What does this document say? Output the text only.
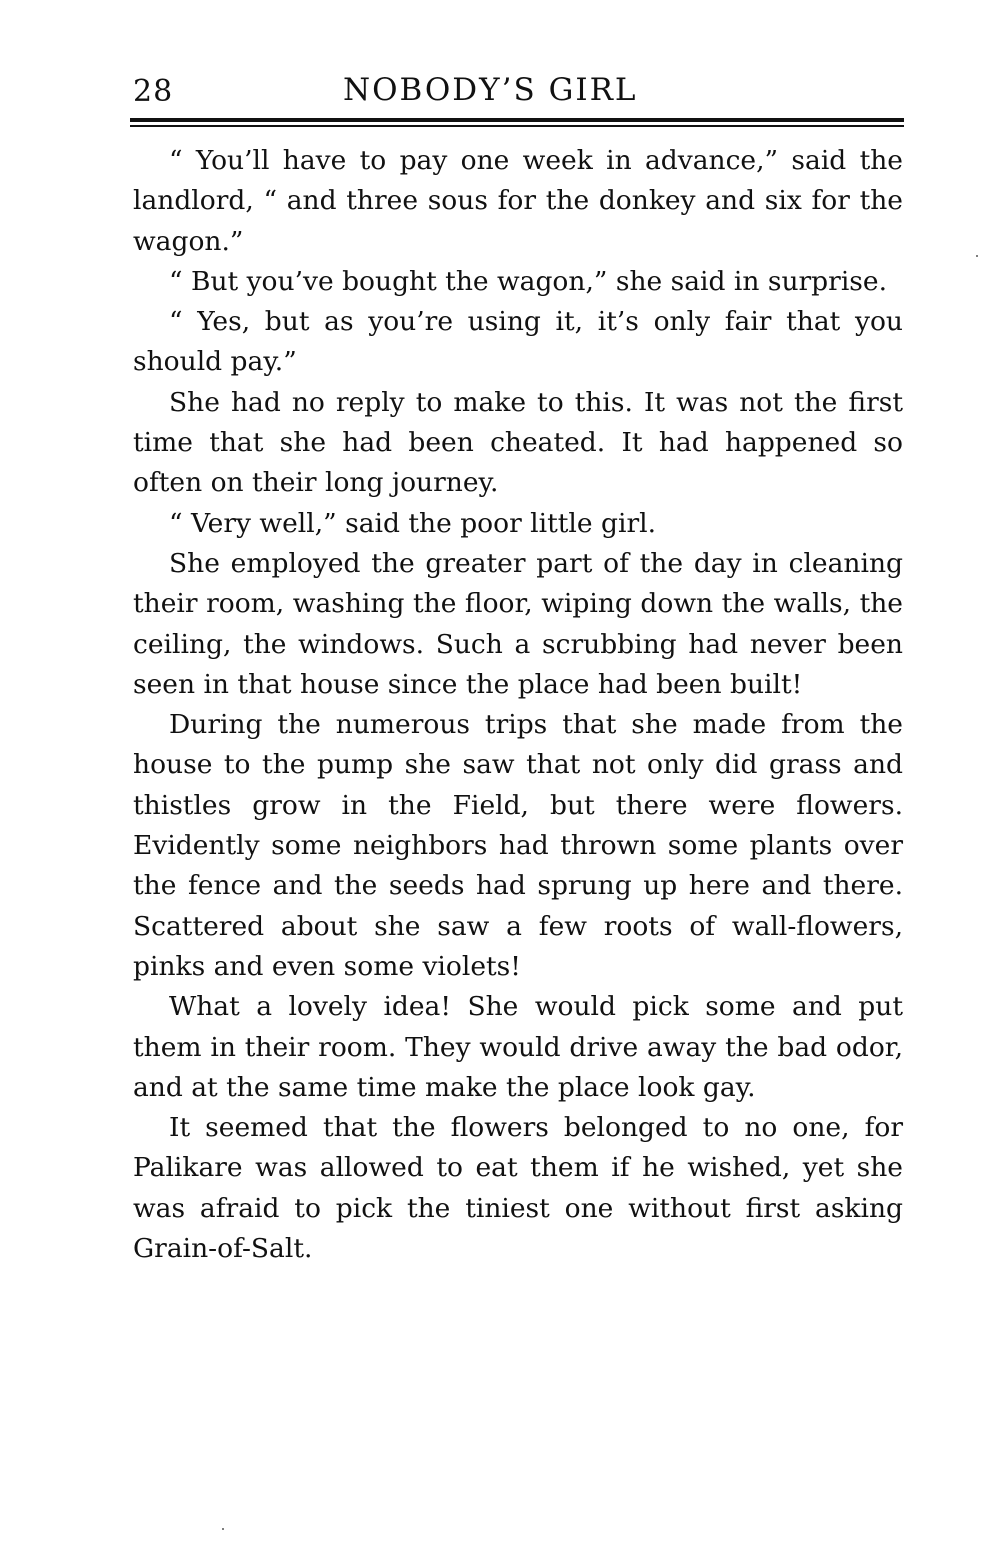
28	NOBODY’S GIRL

“ You’ll have to pay one week in advance,” said the landlord, “ and three sous for the donkey and six for the wagon.”

“ But you’ve bought the wagon,” she said in surprise.

“ Yes, but as you’re using it, it’s only fair that you should pay.”

She had no reply to make to this. It was not the first time that she had been cheated. It had happened so often on their long journey.

“ Very well,” said the poor little girl.

She employed the greater part of the day in cleaning their room, washing the floor, wiping down the walls, the ceiling, the windows. Such a scrubbing had never been seen in that house since the place had been built!

During the numerous trips that she made from the house to the pump she saw that not only did grass and thistles grow in the Field, but there were flowers. Evidently some neighbors had thrown some plants over the fence and the seeds had sprung up here and there. Scattered about she saw a few roots of wall-flowers, pinks and even some violets!

What a lovely idea! She would pick some and put them in their room. They would drive away the bad odor, and at the same time make the place look gay.

It seemed that the flowers belonged to no one, for Palikare was allowed to eat them if he wished, yet she was afraid to pick the tiniest one without first asking Grain-of-Salt.
